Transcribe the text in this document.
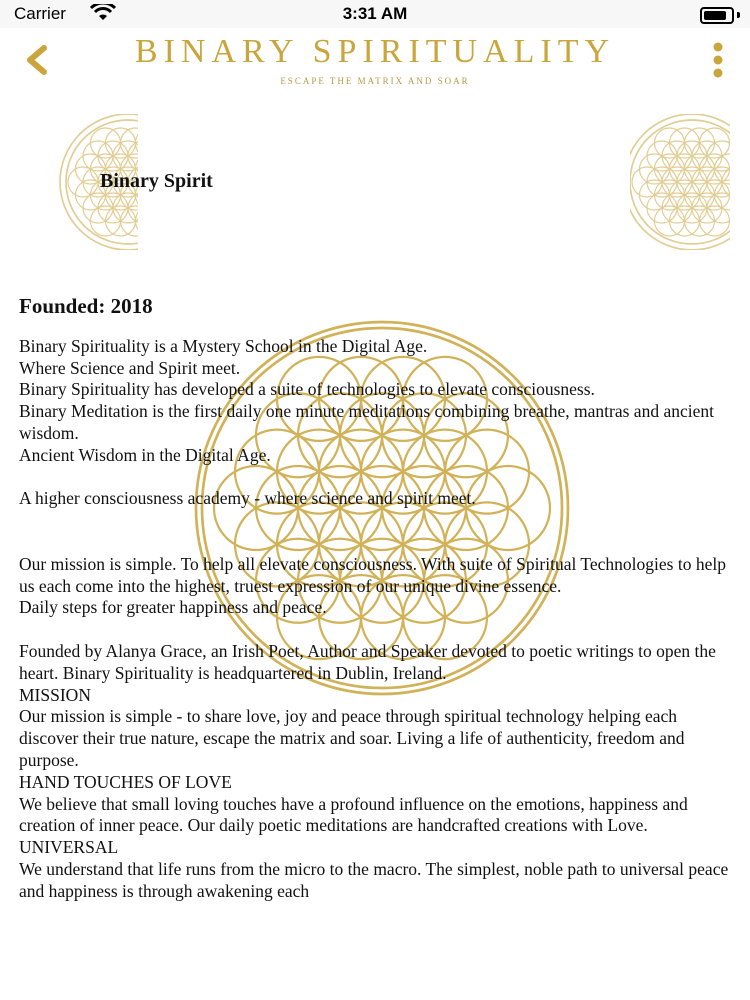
Carrier	3:31 AM
BINARY SPIRITUALITY
ESCAPE THE MATRIX AND SOAR
Binary Spirit
Founded: 2018

Binary Spirituality is a Mystery School in the Digital Age.

Where Science and Spirit meet.

Binary Spirituality has developed a suite of technologies to elevate consciousness.

Binary Meditation is the first daily one minute meditations combining breathe, mantras and ancient wisdom.

Ancient Wisdom in the Digital Age.

A higher consciousness academy - where science and spirit meet.

Our mission is simple. To help all elevate consciousness. With suite of Spiritual Technologies to help us each come into the highest, truest expression of our unique divine essence.

Daily steps for greater happiness and peace.

Founded by Alanya Grace, an Irish Poet, Author and Speaker devoted to poetic writings to open the heart. Binary Spirituality is headquartered in Dublin, Ireland.

MISSION

Our mission is simple - to share love, joy and peace through spiritual technology helping each discover their true nature, escape the matrix and soar. Living a life of authenticity, freedom and purpose.

HAND TOUCHES OF LOVE

We believe that small loving touches have a profound influence on the emotions, happiness and creation of inner peace. Our daily poetic meditations are handcrafted creations with Love.

UNIVERSAL

We understand that life runs from the micro to the macro. The simplest, noble path to universal peace and happiness is through awakening each
